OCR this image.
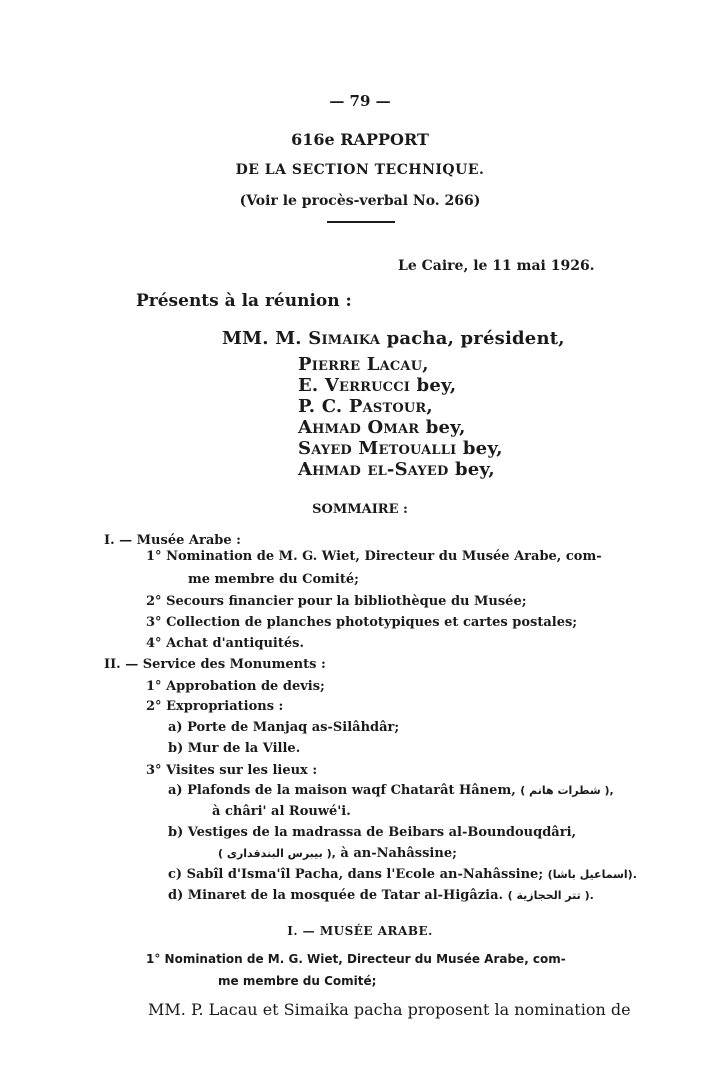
— 79 —
616e RAPPORT
DE LA SECTION TECHNIQUE.
(Voir le procès-verbal No. 266)
Le Caire, le 11 mai 1926.
Présents à la réunion :
MM. M. Simaika pacha, président,
Pierre Lacau,
E. Verrucci bey,
P. C. Pastour,
Ahmad Omar bey,
Sayed Metoualli bey,
Ahmad el-Sayed bey,
SOMMAIRE :
I. — Musée Arabe :
1° Nomination de M. G. Wiet, Directeur du Musée Arabe, com-
me membre du Comité;
2° Secours financier pour la bibliothèque du Musée;
3° Collection de planches phototypiques et cartes postales;
4° Achat d'antiquités.
II. — Service des Monuments :
1° Approbation de devis;
2° Expropriations :
a) Porte de Manjaq as-Silâhdâr;
b) Mur de la Ville.
3° Visites sur les lieux :
a) Plafonds de la maison waqf Chatarât Hânem, ( شطرات هانم ),
à châri' al Rouwé'i.
b) Vestiges de la madrassa de Beibars al-Boundouqdâri,
( بيبرس البندقدارى ), à an-Nahâssine;
c) Sabîl d'Isma'îl Pacha, dans l'Ecole an-Nahâssine; (اسماعيل باشا).
d) Minaret de la mosquée de Tatar al-Higâzia. ( تتر الحجازية ).
I. — MUSÉE ARABE.
1° Nomination de M. G. Wiet, Directeur du Musée Arabe, com-
me membre du Comité;
MM. P. Lacau et Simaika pacha proposent la nomination de
